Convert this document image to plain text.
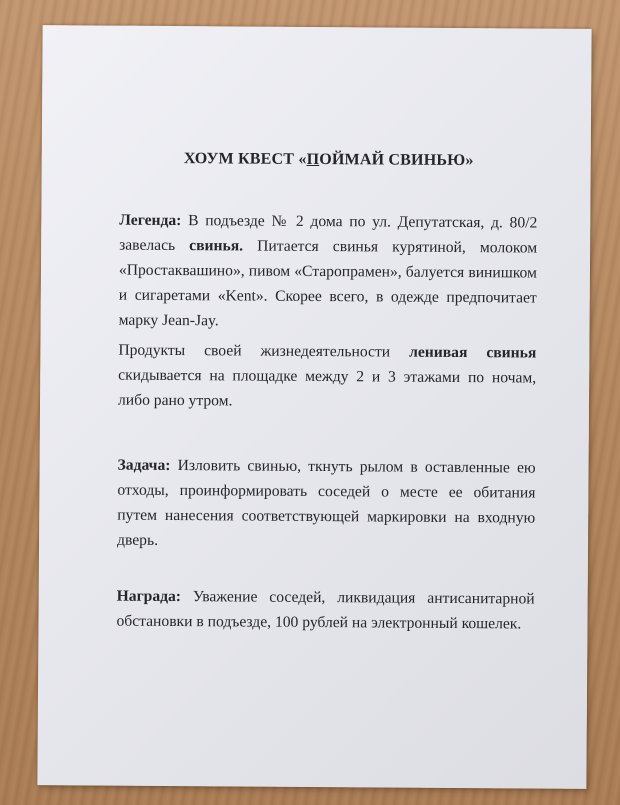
ХОУМ КВЕСТ «ПОЙМАЙ СВИНЬЮ»

Легенда: В подъезде № 2 дома по ул. Депутатская, д. 80/2 завелась свинья. Питается свинья курятиной, молоком «Простаквашино», пивом «Старопрамен», балуется винишком и сигаретами «Kent». Скорее всего, в одежде предпочитает марку Jean-Jay.

Продукты своей жизнедеятельности ленивая свинья скидывается на площадке между 2 и 3 этажами по ночам, либо рано утром.

Задача: Изловить свинью, ткнуть рылом в оставленные ею отходы, проинформировать соседей о месте ее обитания путем нанесения соответствующей маркировки на входную дверь.

Награда: Уважение соседей, ликвидация антисанитарной обстановки в подъезде, 100 рублей на электронный кошелек.
